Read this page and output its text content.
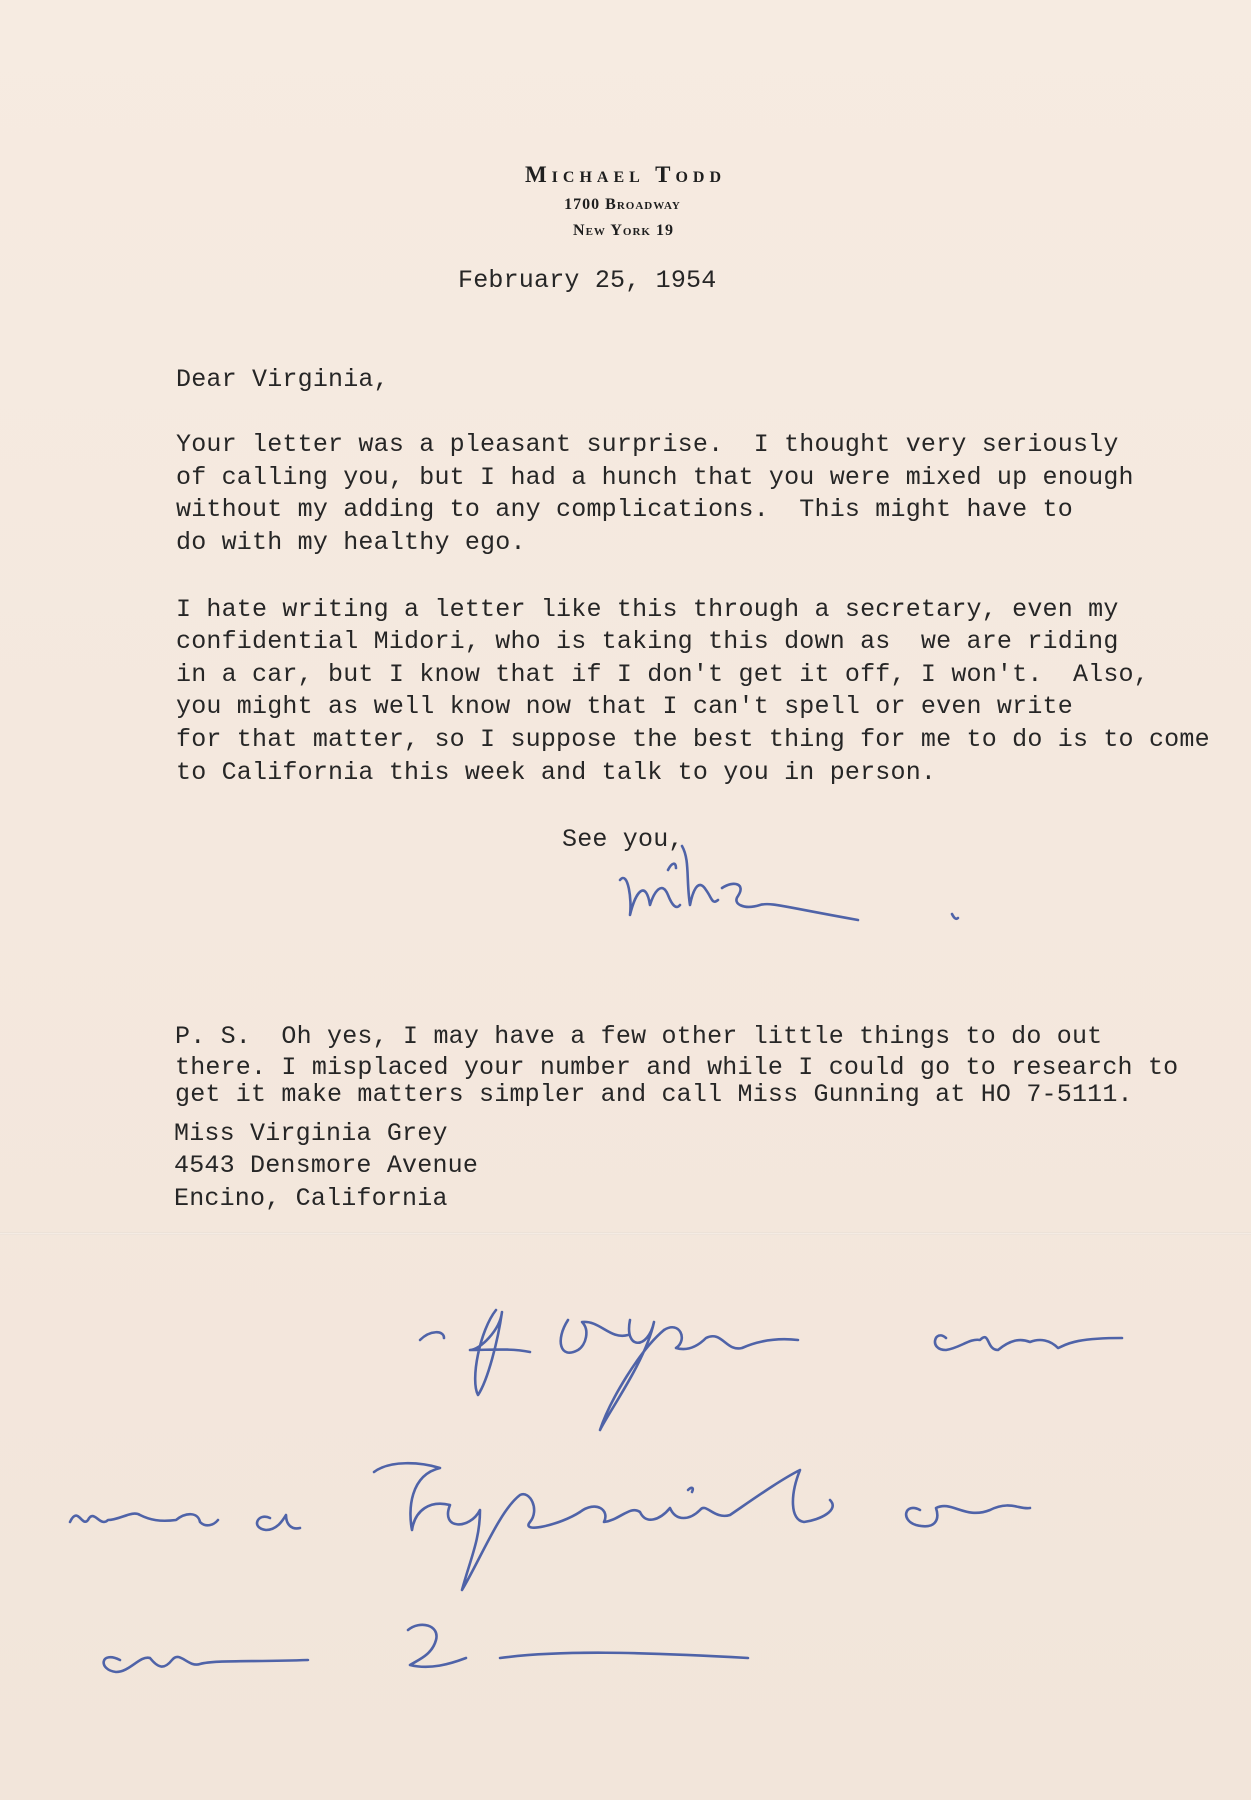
Michael Todd
1700 Broadway
New York 19
February 25, 1954
Dear Virginia,
Your letter was a pleasant surprise.  I thought very seriously
of calling you, but I had a hunch that you were mixed up enough
without my adding to any complications.  This might have to
do with my healthy ego.
I hate writing a letter like this through a secretary, even my
confidential Midori, who is taking this down as  we are riding
in a car, but I know that if I don't get it off, I won't.  Also,
you might as well know now that I can't spell or even write
for that matter, so I suppose the best thing for me to do is to come
to California this week and talk to you in person.
See you,
P. S.  Oh yes, I may have a few other little things to do out
there. I misplaced your number and while I could go to research to
get it make matters simpler and call Miss Gunning at HO 7-5111.
Miss Virginia Grey
4543 Densmore Avenue
Encino, California
